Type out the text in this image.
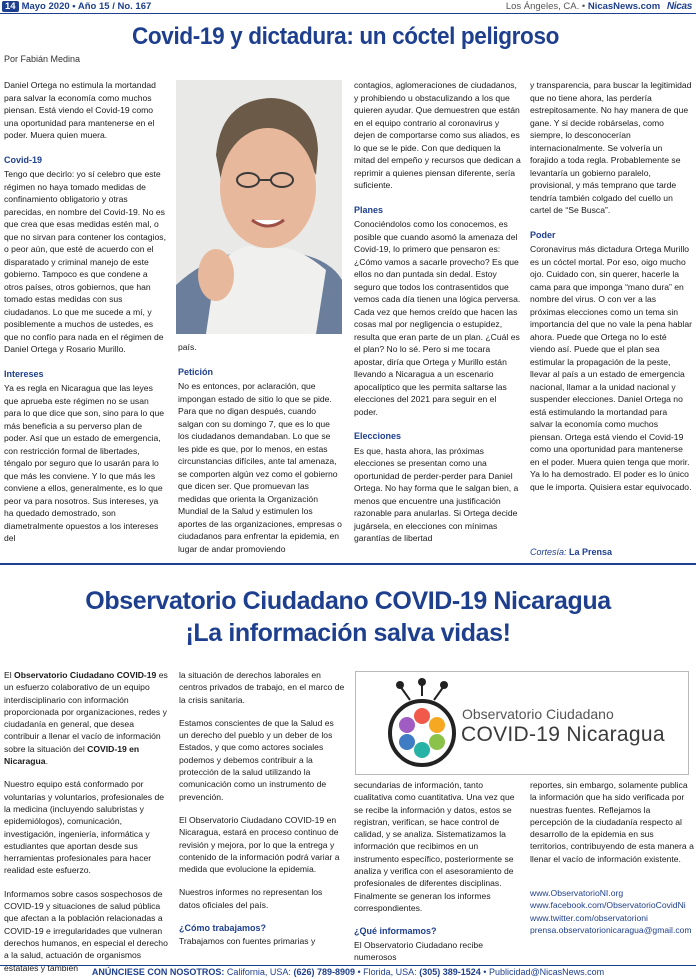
14 Mayo 2020 • Año 15 / No. 167	Los Ángeles, CA. • NicasNews.com Nicas
Covid-19 y dictadura: un cóctel peligroso
Por Fabián Medina

Daniel Ortega no estimula la mortandad para salvar la economía como muchos piensan. Está viendo el Covid-19 como una oportunidad para mantenerse en el poder. Muera quien muera.

Covid-19

Tengo que decirlo: yo sí celebro que este régimen no haya tomado medidas de confinamiento obligatorio y otras parecidas, en nombre del Covid-19. No es que crea que esas medidas estén mal, o que no sirvan para contener los contagios, o peor aún, que esté de acuerdo con el disparatado y criminal manejo de este gobierno. Tampoco es que condene a otros países, otros gobiernos, que han tomado estas medidas con sus ciudadanos. Lo que me sucede a mí, y posiblemente a muchos de ustedes, es que no confío para nada en el régimen de Daniel Ortega y Rosario Murillo.

Intereses

Ya es regla en Nicaragua que las leyes que aprueba este régimen no se usan para lo que dice que son, sino para lo que más beneficia a su perverso plan de poder. Así que un estado de emergencia, con restricción formal de libertades, téngalo por seguro que lo usarán para lo que más les conviene. Y lo que más les conviene a ellos, generalmente, es lo que peor va para nosotros. Sus intereses, ya ha quedado demostrado, son diametralmente opuestos a los intereses del

país.

Petición

No es entonces, por aclaración, que impongan estado de sitio lo que se pide. Para que no digan después, cuando salgan con su domingo 7, que es lo que los ciudadanos demandaban. Lo que se les pide es que, por lo menos, en estas circunstancias difíciles, ante tal amenaza, se comporten algún vez como el gobierno que dicen ser. Que promuevan las medidas que orienta la Organización Mundial de la Salud y estimulen los aportes de las organizaciones, empresas o ciudadanos para enfrentar la epidemia, en lugar de andar promoviendo

contagios, aglomeraciones de ciudadanos, y prohibiendo u obstaculizando a los que quieren ayudar. Que demuestren que están en el equipo contrario al coronavirus y dejen de comportarse como sus aliados, es lo que se le pide. Con que dediquen la mitad del empeño y recursos que dedican a reprimir a quienes piensan diferente, sería suficiente.

Planes

Conociéndolos como los conocemos, es posible que cuando asomó la amenaza del Covid-19, lo primero que pensaron es: ¿Cómo vamos a sacarle provecho? Es que ellos no dan puntada sin dedal. Estoy seguro que todos los contrasentidos que vemos cada día tienen una lógica perversa. Cada vez que hemos creído que hacen las cosas mal por negligencia o estupidez, resulta que eran parte de un plan. ¿Cuál es el plan? No lo sé. Pero si me tocara apostar, diría que Ortega y Murillo están llevando a Nicaragua a un escenario apocalíptico que les permita saltarse las elecciones del 2021 para seguir en el poder.

Elecciones

Es que, hasta ahora, las próximas elecciones se presentan como una oportunidad de perder-perder para Daniel Ortega. No hay forma que le salgan bien, a menos que encuentre una justificación razonable para anularlas. Si Ortega decide jugársela, en elecciones con mínimas garantías de libertad

y transparencia, para buscar la legitimidad que no tiene ahora, las perdería estrepitosamente. No hay manera de que gane. Y si decide robárselas, como siempre, lo desconocerían internacionalmente. Se volvería un forajido a toda regla. Probablemente se levantaría un gobierno paralelo, provisional, y más temprano que tarde tendría también colgado del cuello un cartel de “Se Busca”.

Poder

Coronavirus más dictadura Ortega Murillo es un cóctel mortal. Por eso, oigo mucho ojo. Cuidado con, sin querer, hacerle la cama para que imponga “mano dura” en nombre del virus. O con ver a las próximas elecciones como un tema sin importancia del que no vale la pena hablar ahora. Puede que Ortega no lo esté viendo así. Puede que el plan sea estimular la propagación de la peste, llevar al país a un estado de emergencia nacional, llamar a la unidad nacional y suspender elecciones. Daniel Ortega no está estimulando la mortandad para salvar la economía como muchos piensan. Ortega está viendo el Covid-19 como una oportunidad para mantenerse en el poder. Muera quien tenga que morir. Ya lo ha demostrado. El poder es lo único que le importa. Quisiera estar equivocado.

Cortesía: La Prensa
Observatorio Ciudadano COVID-19 Nicaragua
¡La información salva vidas!

El Observatorio Ciudadano COVID-19 es un esfuerzo colaborativo de un equipo interdisciplinario con información proporcionada por organizaciones, redes y ciudadanía en general, que desea contribuir a llenar el vacío de información sobre la situación del COVID-19 en Nicaragua.

Nuestro equipo está conformado por voluntarias y voluntarios, profesionales de la medicina (incluyendo salubristas y epidemiólogos), comunicación, investigación, ingeniería, informática y estudiantes que aportan desde sus herramientas profesionales para hacer realidad este esfuerzo.

Informamos sobre casos sospechosos de COVID-19 y situaciones de salud pública que afectan a la población relacionadas a COVID-19 e irregularidades que vulneran derechos humanos, en especial el derecho a la salud, actuación de organismos estatales y también

la situación de derechos laborales en centros privados de trabajo, en el marco de la crisis sanitaria.

Estamos conscientes de que la Salud es un derecho del pueblo y un deber de los Estados, y que como actores sociales podemos y debemos contribuir a la protección de la salud utilizando la comunicación como un instrumento de prevención.

El Observatorio Ciudadano COVID-19 en Nicaragua, estará en proceso continuo de revisión y mejora, por lo que la entrega y contenido de la información podrá variar a medida que evolucione la epidemia.

Nuestros informes no representan los datos oficiales del país.

¿Cómo trabajamos?

Trabajamos con fuentes primarias y

Observatorio Ciudadano
COVID-19 Nicaragua

secundarias de información, tanto cualitativa como cuantitativa. Una vez que se recibe la información y datos, estos se registran, verifican, se hace control de calidad, y se analiza. Sistematizamos la información que recibimos en un instrumento específico, posteriormente se analiza y verifica con el asesoramiento de profesionales de diferentes disciplinas. Finalmente se generan los informes correspondientes.

¿Qué informamos?

El Observatorio Ciudadano recibe numerosos

reportes, sin embargo, solamente publica la información que ha sido verificada por nuestras fuentes. Reflejamos la percepción de la ciudadanía respecto al desarrollo de la epidemia en sus territorios, contribuyendo de esta manera a llenar el vacío de información existente.

www.ObservatorioNI.org
www.facebook.com/ObservatorioCovidNi
www.twitter.com/observatorioni
prensa.observatorionicaragua@gmail.com
ANÚNCIESE CON NOSOTROS: California, USA: (626) 789-8909 • Florida, USA: (305) 389-1524 • Publicidad@NicasNews.com
